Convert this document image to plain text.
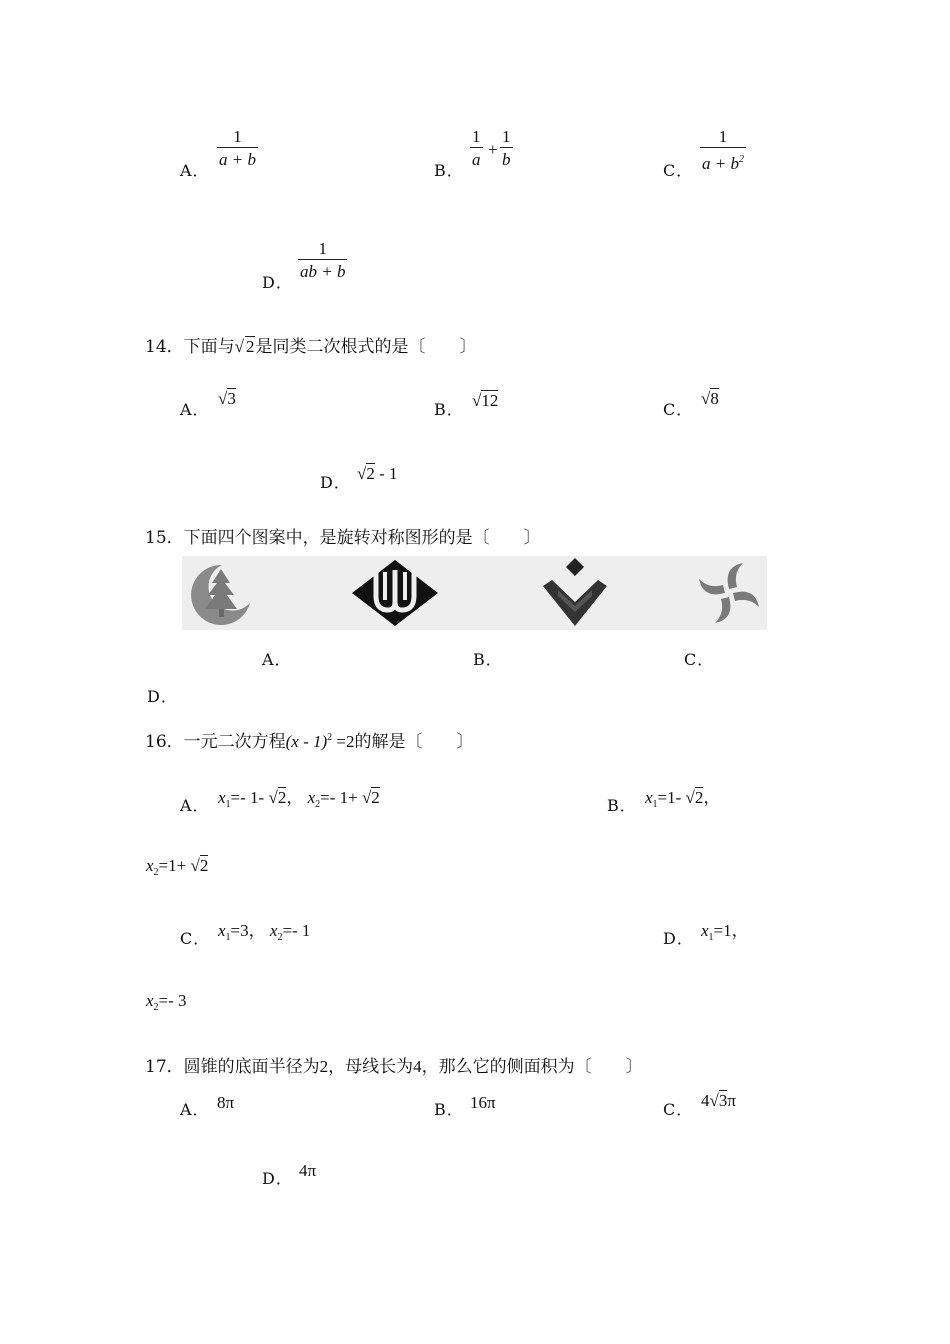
A．
$\frac{1}{a + b}$
B．
$\frac{1}{a} + \frac{1}{b}$
C． $\frac{1}{a + b^2}$
D．
$\frac{1}{ab + b}$
14．下面与√ 2是同类二次根式的是〔　　〕
A．
√3
B． √12	C．
√8
D． √2 - 1
15．下面四个图案中，是旋转对称图形的是〔　　〕
A．	B．	C．
D．
16．一元二次方程(x - 1)$^2$ =2的解是〔　　〕
A． $x_1=-$ 1- √2， $x_2=-$ 1+ √2	B． $x_1=1-$ √2，
$x_2=1+ √2$
C． $x_1=3$， $x_2=-$ 1	D． $x_1=1$，
$x_2=-$ 3
17．圆锥的底面半径为2，母线长为4，那么它的侧面积为〔　　〕
A． 8π	B． 16π	C． 4√3π
D． 4π
